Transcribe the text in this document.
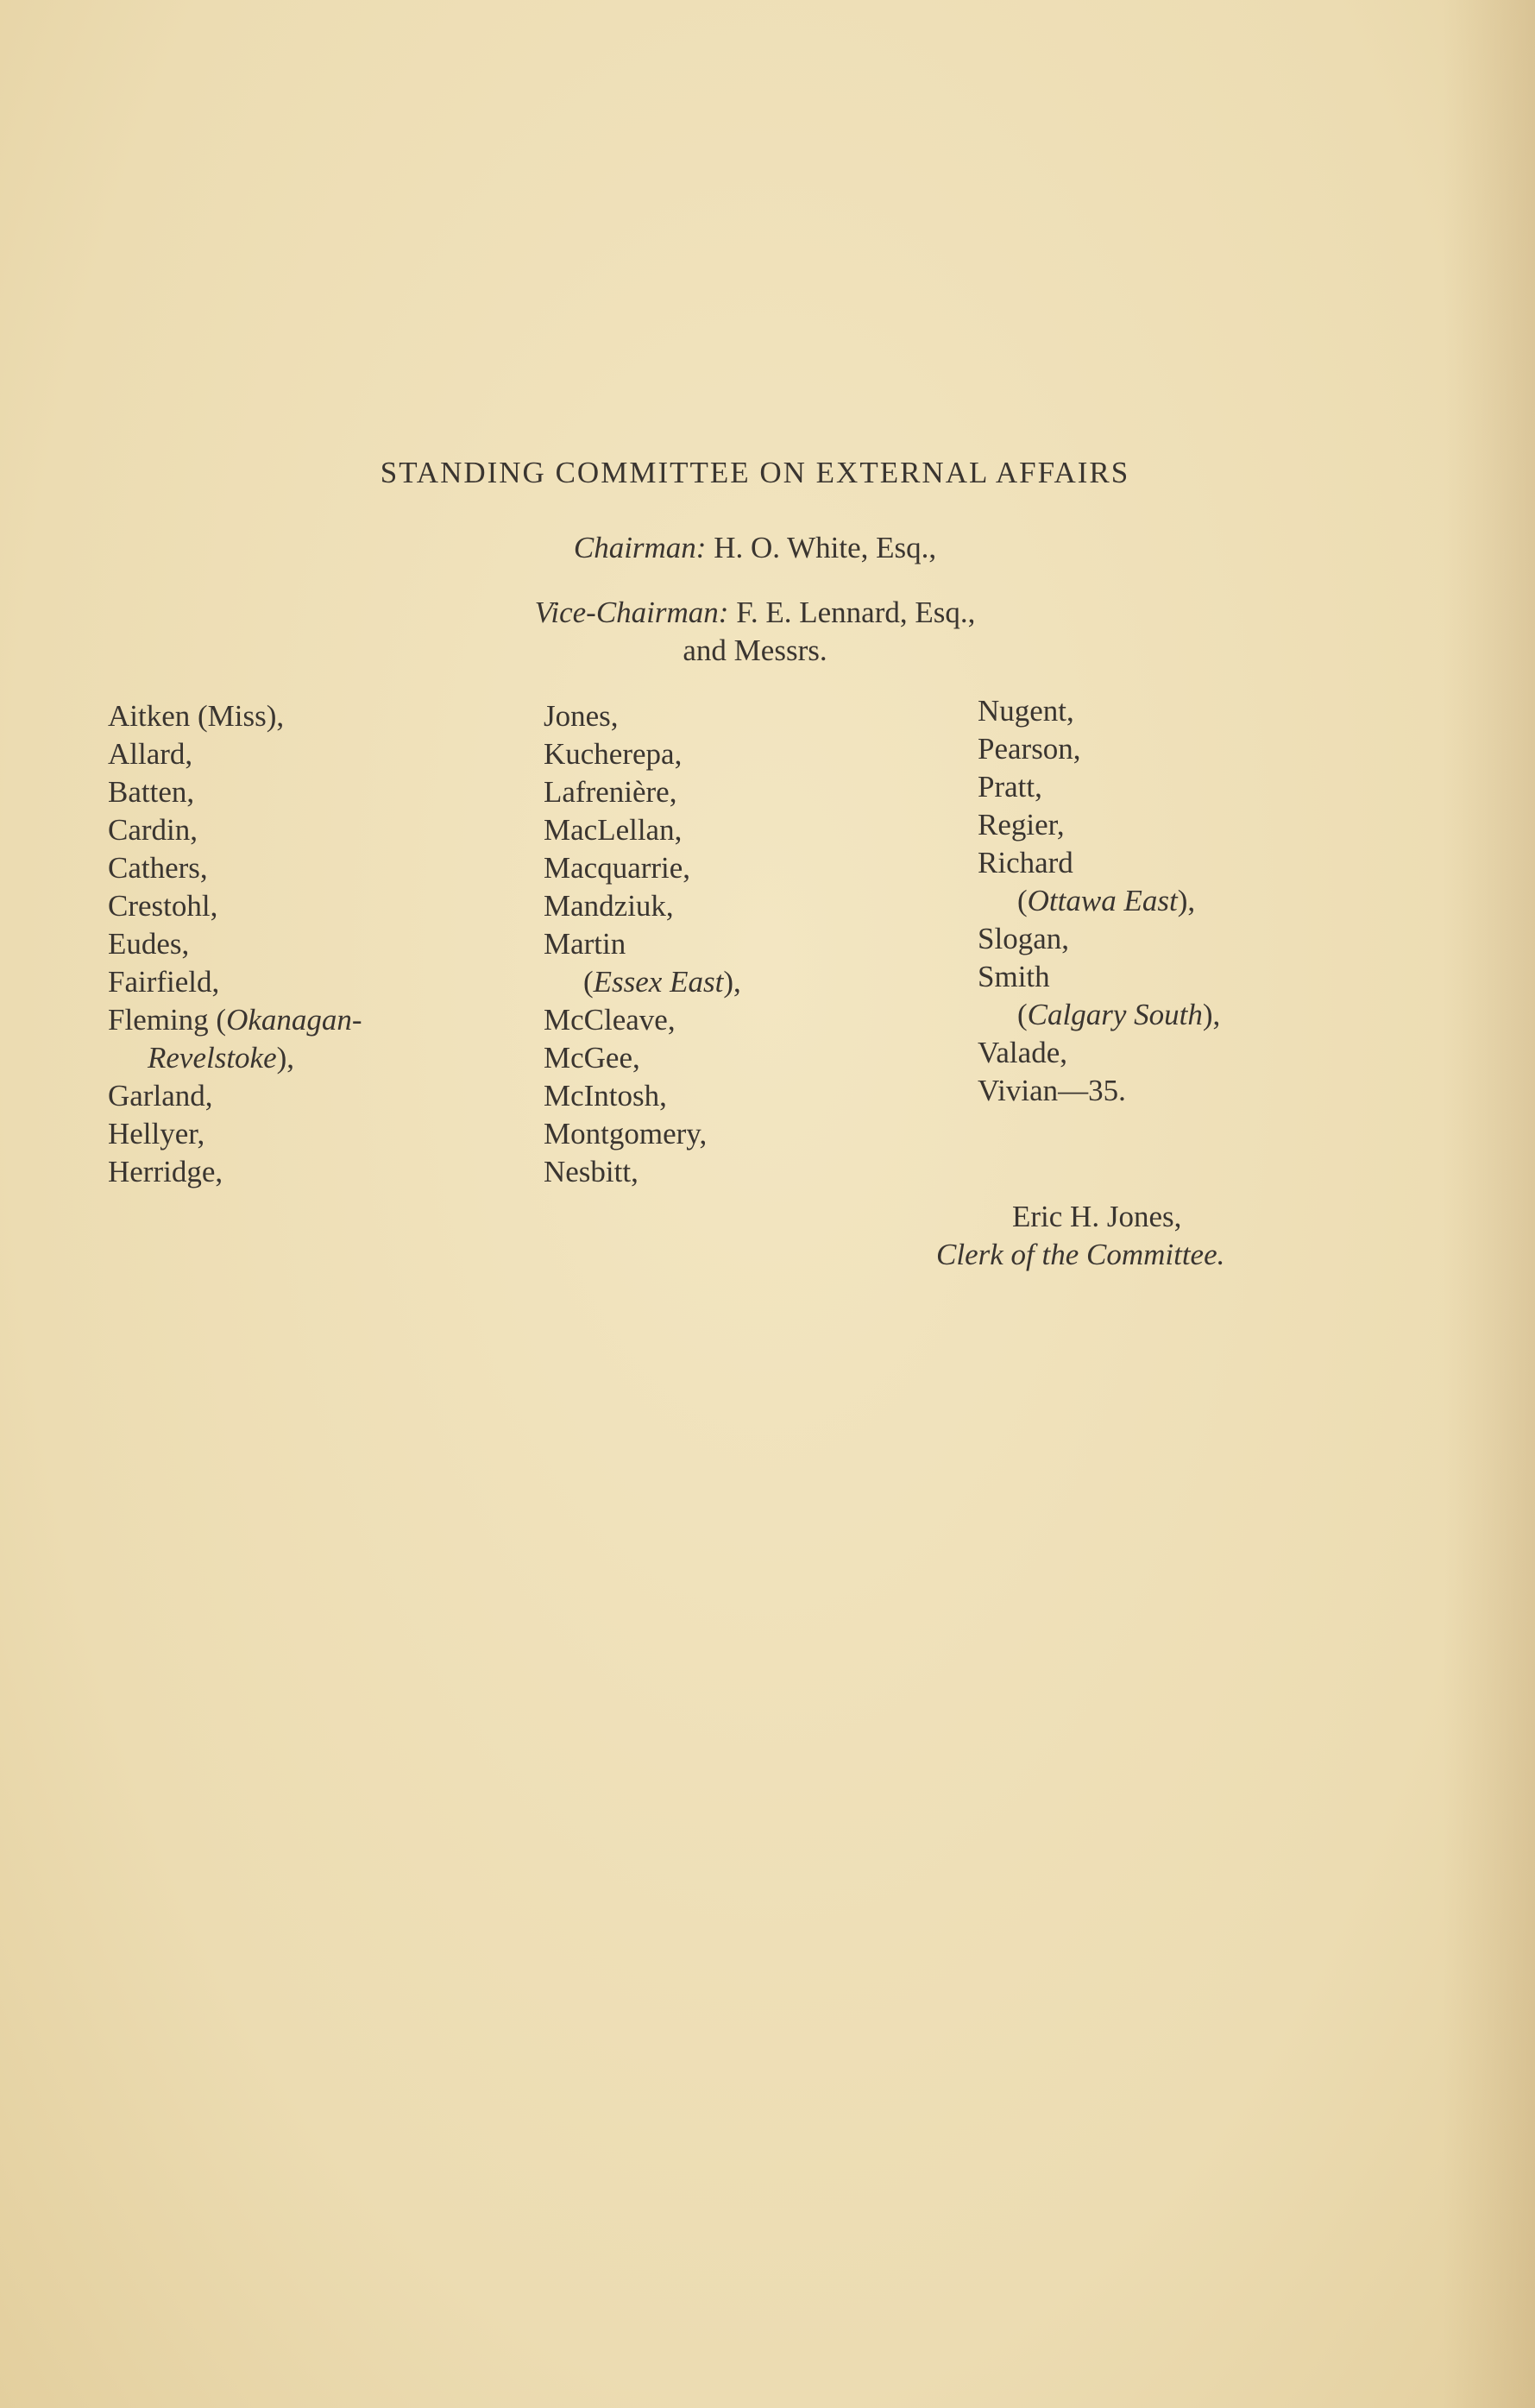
STANDING COMMITTEE ON EXTERNAL AFFAIRS
Chairman: H. O. White, Esq.,
Vice-Chairman: F. E. Lennard, Esq.,
and Messrs.
Aitken (Miss),
Allard,
Batten,
Cardin,
Cathers,
Crestohl,
Eudes,
Fairfield,
Fleming (Okanagan-
Revelstoke),
Garland,
Hellyer,
Herridge,
Jones,
Kucherepa,
Lafrenière,
MacLellan,
Macquarrie,
Mandziuk,
Martin
(Essex East),
McCleave,
McGee,
McIntosh,
Montgomery,
Nesbitt,
Nugent,
Pearson,
Pratt,
Regier,
Richard
(Ottawa East),
Slogan,
Smith
(Calgary South),
Valade,
Vivian—35.
Eric H. Jones,
Clerk of the Committee.
